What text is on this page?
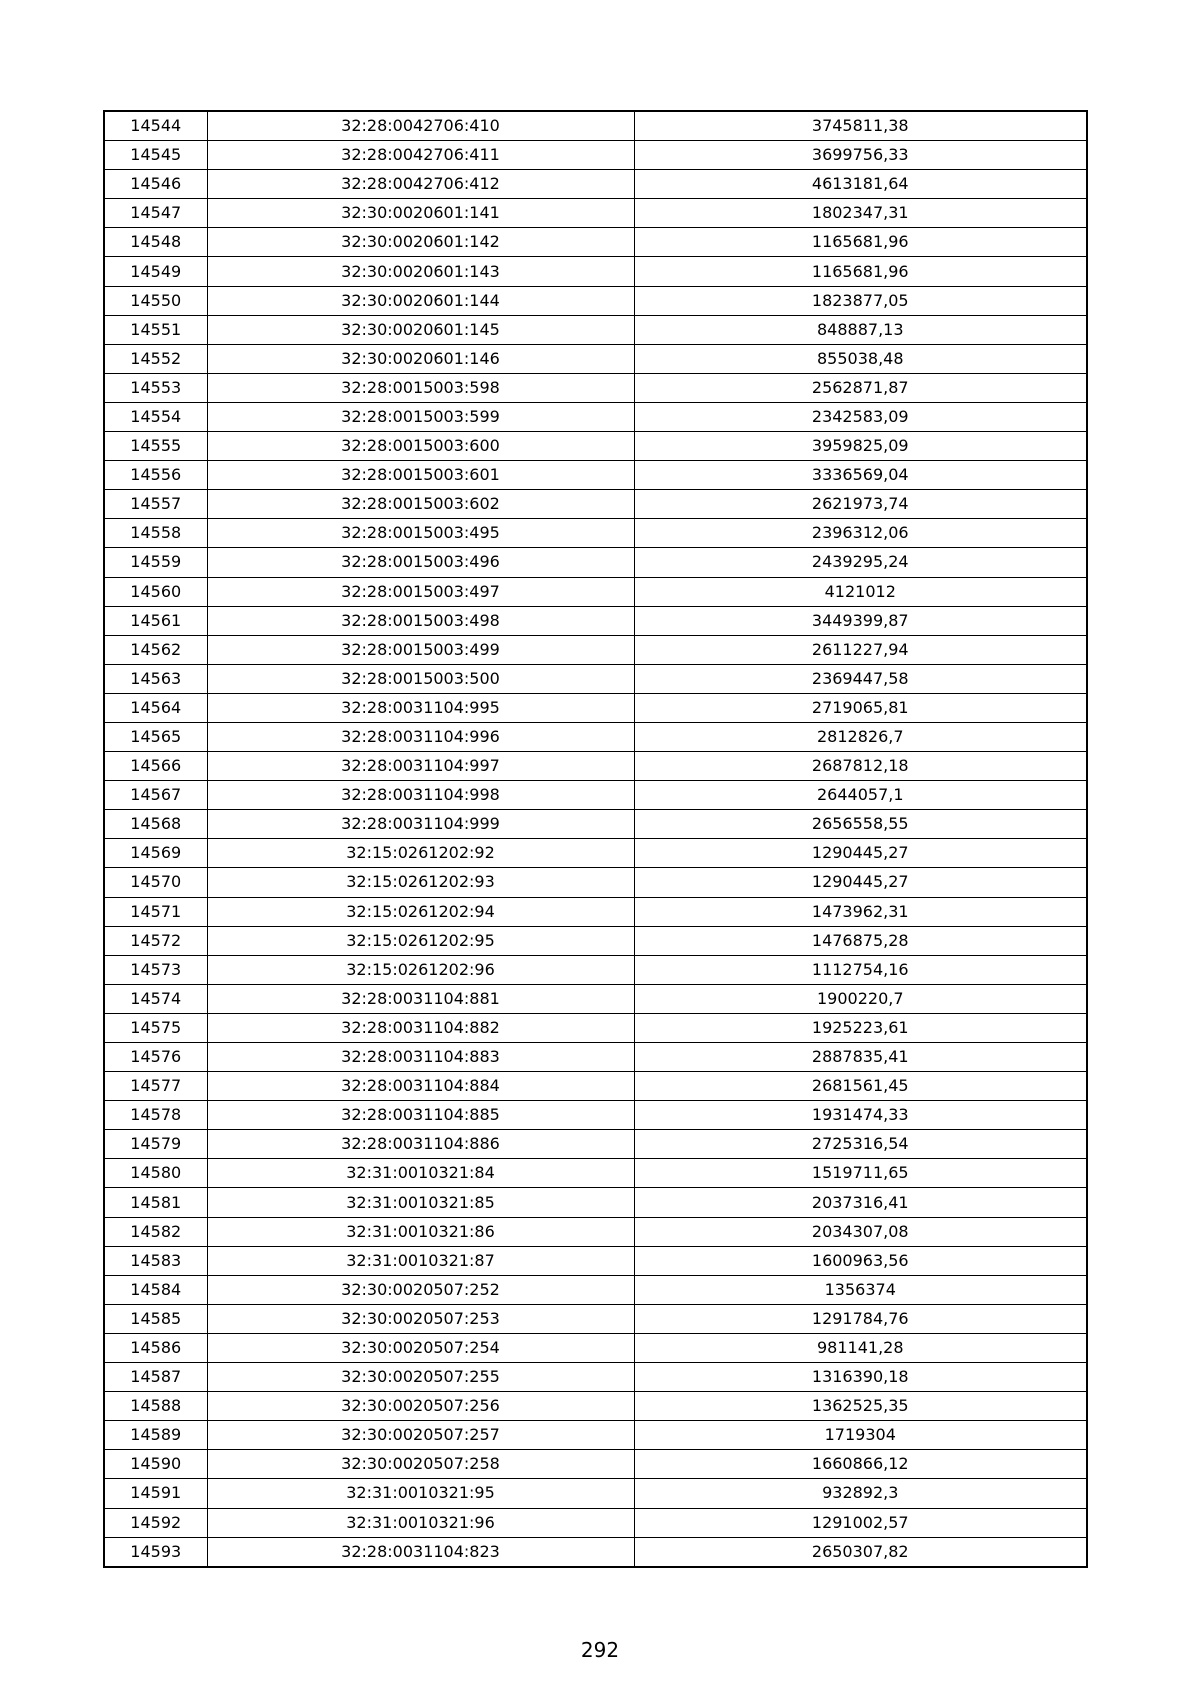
14544	32:28:0042706:410	3745811,38
14545	32:28:0042706:411	3699756,33
14546	32:28:0042706:412	4613181,64
14547	32:30:0020601:141	1802347,31
14548	32:30:0020601:142	1165681,96
14549	32:30:0020601:143	1165681,96
14550	32:30:0020601:144	1823877,05
14551	32:30:0020601:145	848887,13
14552	32:30:0020601:146	855038,48
14553	32:28:0015003:598	2562871,87
14554	32:28:0015003:599	2342583,09
14555	32:28:0015003:600	3959825,09
14556	32:28:0015003:601	3336569,04
14557	32:28:0015003:602	2621973,74
14558	32:28:0015003:495	2396312,06
14559	32:28:0015003:496	2439295,24
14560	32:28:0015003:497	4121012
14561	32:28:0015003:498	3449399,87
14562	32:28:0015003:499	2611227,94
14563	32:28:0015003:500	2369447,58
14564	32:28:0031104:995	2719065,81
14565	32:28:0031104:996	2812826,7
14566	32:28:0031104:997	2687812,18
14567	32:28:0031104:998	2644057,1
14568	32:28:0031104:999	2656558,55
14569	32:15:0261202:92	1290445,27
14570	32:15:0261202:93	1290445,27
14571	32:15:0261202:94	1473962,31
14572	32:15:0261202:95	1476875,28
14573	32:15:0261202:96	1112754,16
14574	32:28:0031104:881	1900220,7
14575	32:28:0031104:882	1925223,61
14576	32:28:0031104:883	2887835,41
14577	32:28:0031104:884	2681561,45
14578	32:28:0031104:885	1931474,33
14579	32:28:0031104:886	2725316,54
14580	32:31:0010321:84	1519711,65
14581	32:31:0010321:85	2037316,41
14582	32:31:0010321:86	2034307,08
14583	32:31:0010321:87	1600963,56
14584	32:30:0020507:252	1356374
14585	32:30:0020507:253	1291784,76
14586	32:30:0020507:254	981141,28
14587	32:30:0020507:255	1316390,18
14588	32:30:0020507:256	1362525,35
14589	32:30:0020507:257	1719304
14590	32:30:0020507:258	1660866,12
14591	32:31:0010321:95	932892,3
14592	32:31:0010321:96	1291002,57
14593	32:28:0031104:823	2650307,82
292
